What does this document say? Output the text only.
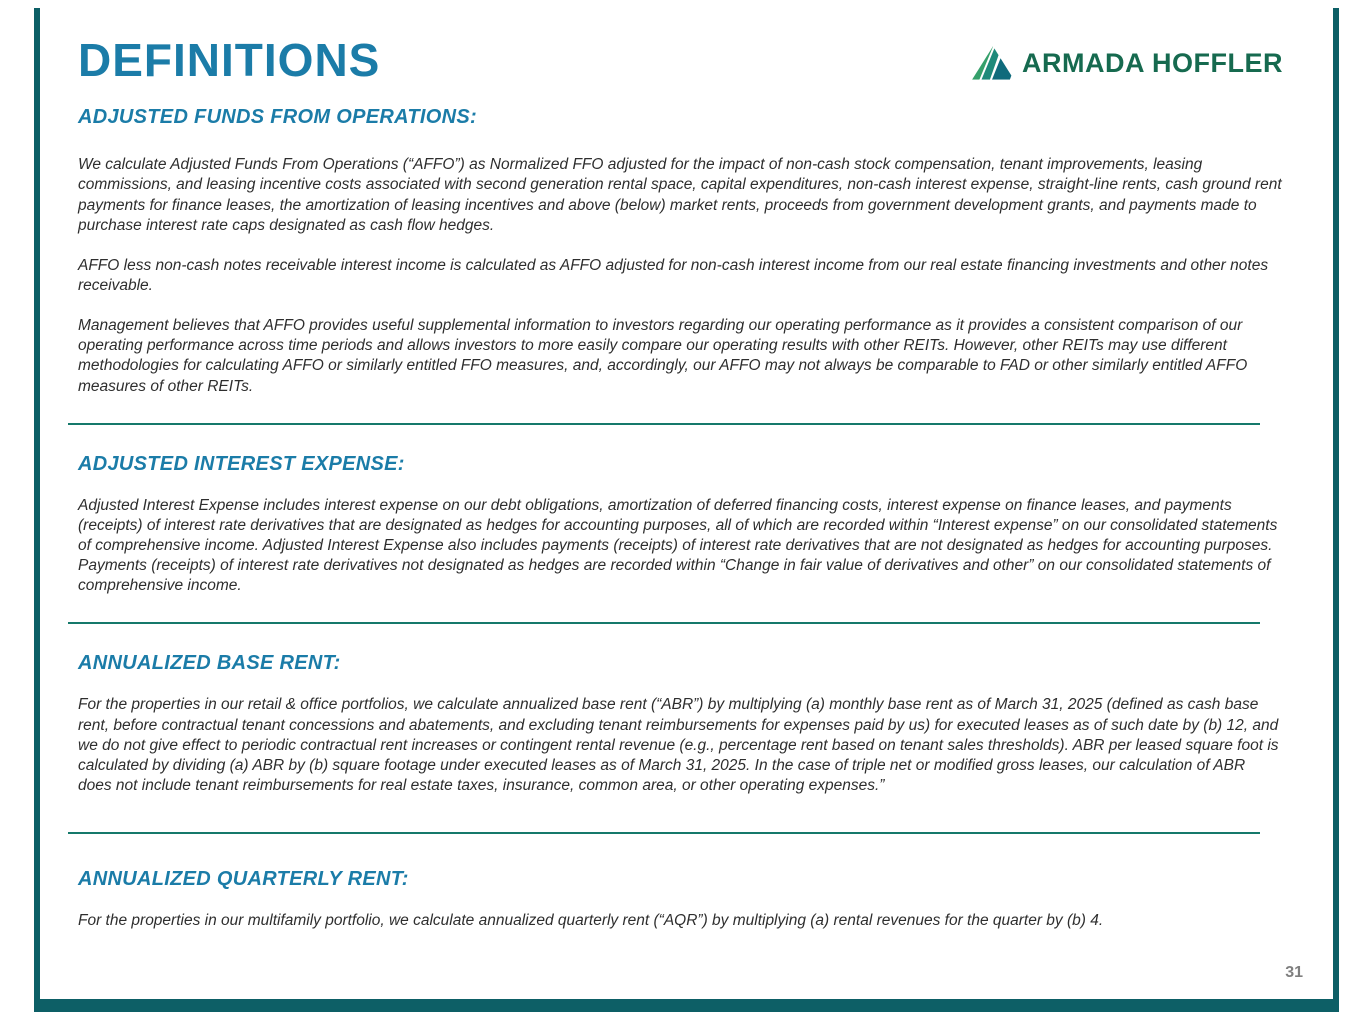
DEFINITIONS	ARMADA HOFFLER
ADJUSTED FUNDS FROM OPERATIONS:

We calculate Adjusted Funds From Operations (“AFFO”) as Normalized FFO adjusted for the impact of non-cash stock compensation, tenant improvements, leasing commissions, and leasing incentive costs associated with second generation rental space, capital expenditures, non-cash interest expense, straight-line rents, cash ground rent payments for finance leases, the amortization of leasing incentives and above (below) market rents, proceeds from government development grants, and payments made to purchase interest rate caps designated as cash flow hedges.

AFFO less non-cash notes receivable interest income is calculated as AFFO adjusted for non-cash interest income from our real estate financing investments and other notes receivable.

Management believes that AFFO provides useful supplemental information to investors regarding our operating performance as it provides a consistent comparison of our operating performance across time periods and allows investors to more easily compare our operating results with other REITs. However, other REITs may use different methodologies for calculating AFFO or similarly entitled FFO measures, and, accordingly, our AFFO may not always be comparable to FAD or other similarly entitled AFFO measures of other REITs.

ADJUSTED INTEREST EXPENSE:

Adjusted Interest Expense includes interest expense on our debt obligations, amortization of deferred financing costs, interest expense on finance leases, and payments (receipts) of interest rate derivatives that are designated as hedges for accounting purposes, all of which are recorded within “Interest expense” on our consolidated statements of comprehensive income. Adjusted Interest Expense also includes payments (receipts) of interest rate derivatives that are not designated as hedges for accounting purposes. Payments (receipts) of interest rate derivatives not designated as hedges are recorded within “Change in fair value of derivatives and other” on our consolidated statements of comprehensive income.

ANNUALIZED BASE RENT:

For the properties in our retail & office portfolios, we calculate annualized base rent (“ABR”) by multiplying (a) monthly base rent as of March 31, 2025 (defined as cash base rent, before contractual tenant concessions and abatements, and excluding tenant reimbursements for expenses paid by us) for executed leases as of such date by (b) 12, and we do not give effect to periodic contractual rent increases or contingent rental revenue (e.g., percentage rent based on tenant sales thresholds). ABR per leased square foot is calculated by dividing (a) ABR by (b) square footage under executed leases as of March 31, 2025. In the case of triple net or modified gross leases, our calculation of ABR does not include tenant reimbursements for real estate taxes, insurance, common area, or other operating expenses.”

ANNUALIZED QUARTERLY RENT:

For the properties in our multifamily portfolio, we calculate annualized quarterly rent (“AQR”) by multiplying (a) rental revenues for the quarter by (b) 4.

31
